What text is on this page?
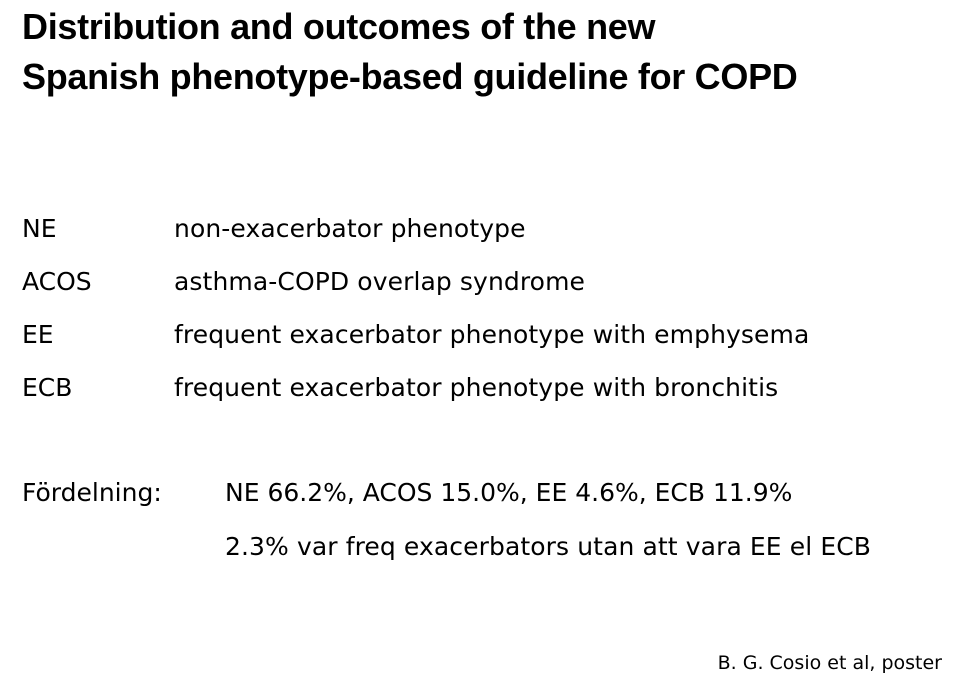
Distribution and outcomes of the new
Spanish phenotype-based guideline for COPD
NE	non-exacerbator phenotype
ACOS	asthma-COPD overlap syndrome
EE	frequent exacerbator phenotype with emphysema
ECB	frequent exacerbator phenotype with bronchitis
Fördelning:	NE 66.2%, ACOS 15.0%, EE 4.6%, ECB 11.9%
2.3% var freq exacerbators utan att vara EE el ECB
B. G. Cosio et al, poster
